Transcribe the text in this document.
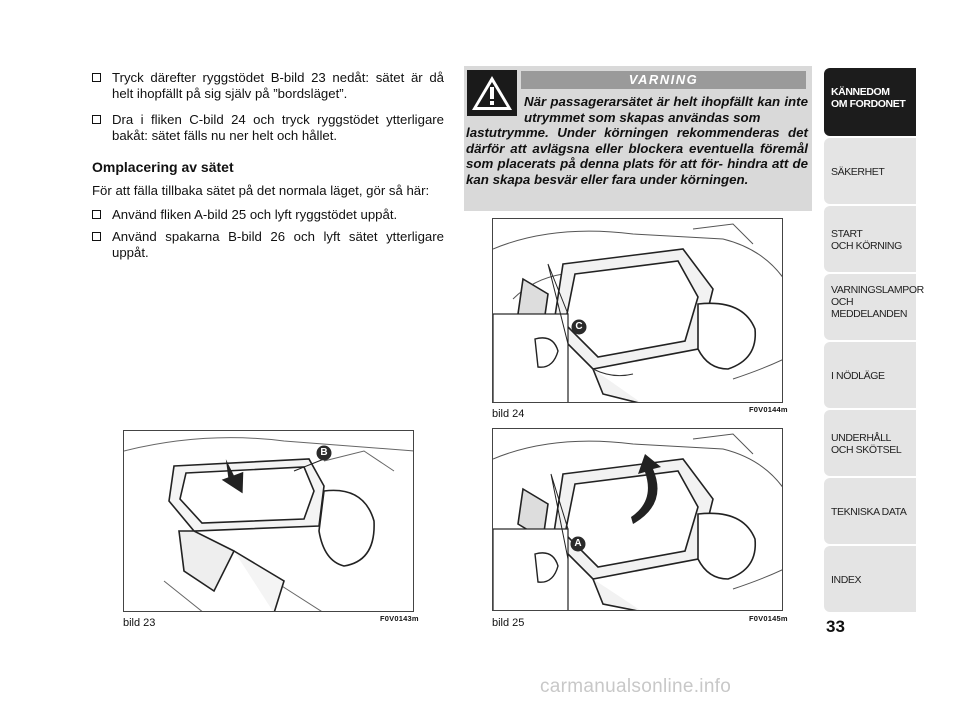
Tryck därefter ryggstödet B-bild 23 nedåt: sätet är då helt ihopfällt på sig själv på ”bordsläget”.
Dra i fliken C-bild 24 och tryck ryggstödet ytterligare bakåt: sätet fälls nu ner helt och hållet.
Omplacering av sätet
För att fälla tillbaka sätet på det normala läget, gör så här:
Använd fliken A-bild 25 och lyft ryggstödet uppåt.
Använd spakarna B-bild 26 och lyft sätet ytterligare uppåt.
VARNING
När passagerarsätet är helt ihopfällt kan inte utrymmet som skapas användas som
lastutrymme. Under körningen rekommenderas det därför att avlägsna eller blockera eventuella föremål som placerats på denna plats för att för- hindra att de kan skapa besvär eller fara under körningen.
C
bild 24	F0V0144m
B
bild 23	F0V0143m
A
bild 25	F0V0145m
KÄNNEDOM
OM FORDONET
SÄKERHET
START
OCH KÖRNING
VARNINGSLAMPOR
OCH
MEDDELANDEN
I NÖDLÄGE
UNDERHÅLL
OCH SKÖTSEL
TEKNISKA DATA
INDEX
33
carmanualsonline.info
